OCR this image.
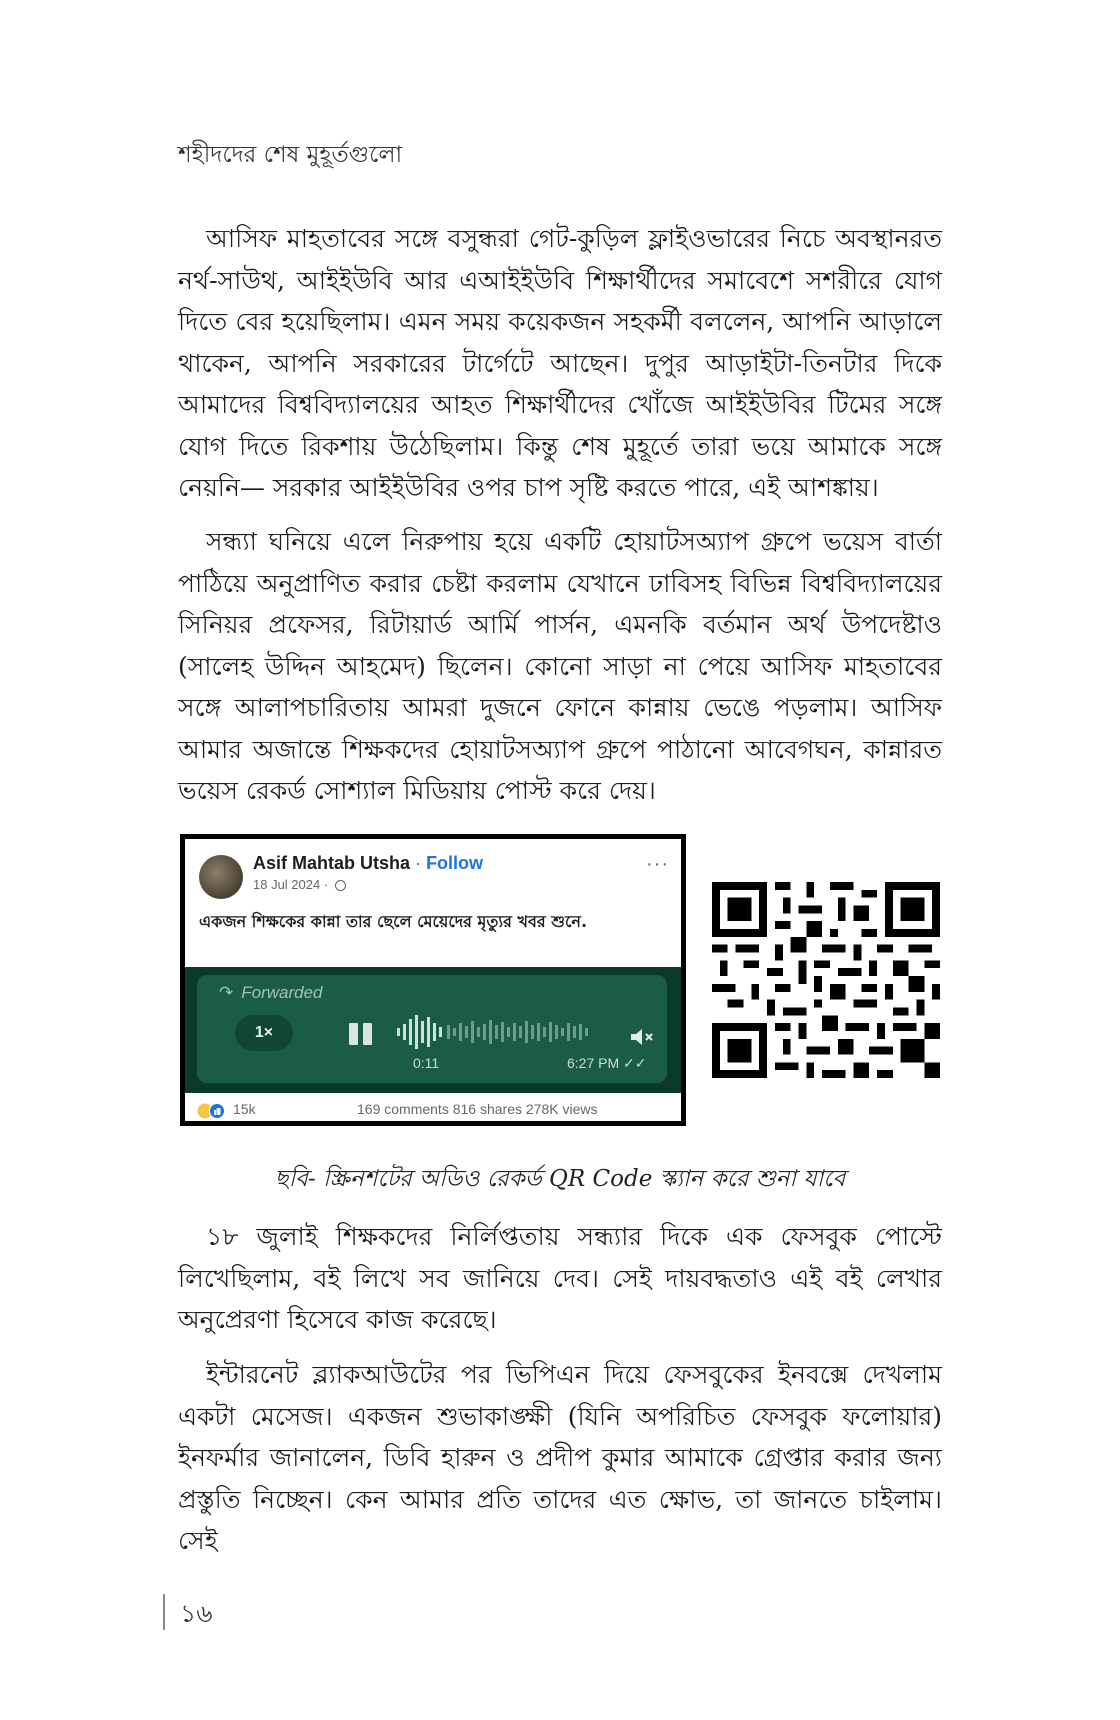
শহীদদের শেষ মুহূর্তগুলো

আসিফ মাহতাবের সঙ্গে বসুন্ধরা গেট-কুড়িল ফ্লাইওভারের নিচে অবস্থানরত নর্থ-সাউথ, আইইউবি আর এআইইউবি শিক্ষার্থীদের সমাবেশে সশরীরে যোগ দিতে বের হয়েছিলাম। এমন সময় কয়েকজন সহকর্মী বললেন, আপনি আড়ালে থাকেন, আপনি সরকারের টার্গেটে আছেন। দুপুর আড়াইটা-তিনটার দিকে আমাদের বিশ্ববিদ্যালয়ের আহত শিক্ষার্থীদের খোঁজে আইইউবির টিমের সঙ্গে যোগ দিতে রিকশায় উঠেছিলাম। কিন্তু শেষ মুহূর্তে তারা ভয়ে আমাকে সঙ্গে নেয়নি— সরকার আইইউবির ওপর চাপ সৃষ্টি করতে পারে, এই আশঙ্কায়।

সন্ধ্যা ঘনিয়ে এলে নিরুপায় হয়ে একটি হোয়াটসঅ্যাপ গ্রুপে ভয়েস বার্তা পাঠিয়ে অনুপ্রাণিত করার চেষ্টা করলাম যেখানে ঢাবিসহ বিভিন্ন বিশ্ববিদ্যালয়ের সিনিয়র প্রফেসর, রিটায়ার্ড আর্মি পার্সন, এমনকি বর্তমান অর্থ উপদেষ্টাও (সালেহ উদ্দিন আহমেদ) ছিলেন। কোনো সাড়া না পেয়ে আসিফ মাহতাবের সঙ্গে আলাপচারিতায় আমরা দুজনে ফোনে কান্নায় ভেঙে পড়লাম। আসিফ আমার অজান্তে শিক্ষকদের হোয়াটসঅ্যাপ গ্রুপে পাঠানো আবেগঘন, কান্নারত ভয়েস রেকর্ড সোশ্যাল মিডিয়ায় পোস্ট করে দেয়।

Asif Mahtab Utsha · Follow
18 Jul 2024 ·
···
একজন শিক্ষকের কান্না তার ছেলে মেয়েদের মৃত্যুর খবর শুনে.
↷ Forwarded
1×
0:11	6:27 PM ✓✓
15k	169 comments 816 shares 278K views
ছবি- স্ক্রিনশটের অডিও রেকর্ড QR Code স্ক্যান করে শুনা যাবে

১৮ জুলাই শিক্ষকদের নির্লিপ্ততায় সন্ধ্যার দিকে এক ফেসবুক পোস্টে লিখেছিলাম, বই লিখে সব জানিয়ে দেব। সেই দায়বদ্ধতাও এই বই লেখার অনুপ্রেরণা হিসেবে কাজ করেছে।

ইন্টারনেট ব্ল্যাকআউটের পর ভিপিএন দিয়ে ফেসবুকের ইনবক্সে দেখলাম একটা মেসেজ। একজন শুভাকাঙ্ক্ষী (যিনি অপরিচিত ফেসবুক ফলোয়ার) ইনফর্মার জানালেন, ডিবি হারুন ও প্রদীপ কুমার আমাকে গ্রেপ্তার করার জন্য প্রস্তুতি নিচ্ছেন। কেন আমার প্রতি তাদের এত ক্ষোভ, তা জানতে চাইলাম। সেই

১৬
